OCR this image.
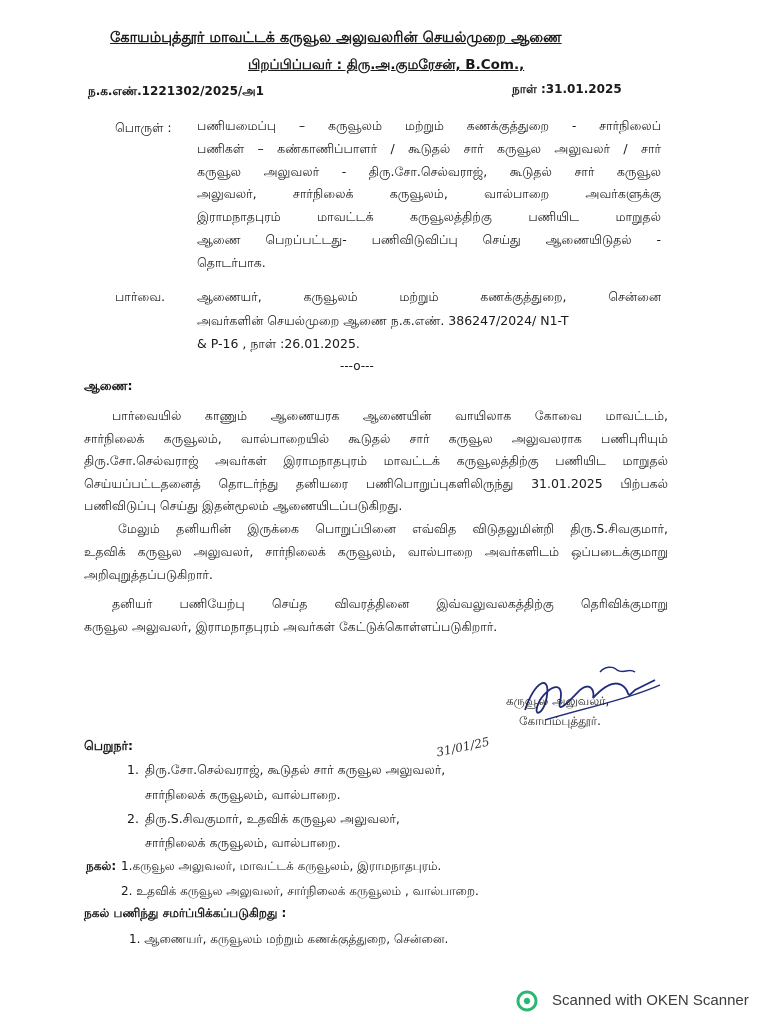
கோயம்புத்தூர் மாவட்டக் கருவூல அலுவலரின் செயல்முறை ஆணை
பிறப்பிப்பவர் : திரு.அ.குமரேசன், B.Com.,
ந.க.எண்.1221302/2025/அ1	நாள் :31.01.2025
பொருள் : பணியமைப்பு – கருவூலம் மற்றும் கணக்குத்துறை - சார்நிலைப்
பணிகள் – கண்காணிப்பாளர் / கூடுதல் சார் கருவூல அலுவலர் / சார்
கருவூல அலுவலர் - திரு.சோ.செல்வராஜ், கூடுதல் சார் கருவூல
அலுவலர், சார்நிலைக் கருவூலம், வால்பாறை அவர்களுக்கு
இராமநாதபுரம் மாவட்டக் கருவூலத்திற்கு பணியிட மாறுதல்
ஆணை பெறப்பட்டது- பணிவிடுவிப்பு செய்து ஆணையிடுதல் -
தொடர்பாக.
பார்வை.	ஆணையர், கருவூலம் மற்றும் கணக்குத்துறை, சென்னை
அவர்களின் செயல்முறை ஆணை ந.க.எண். 386247/2024/ N1-T
& P-16 , நாள் :26.01.2025.
---o---
ஆணை:
பார்வையில் காணும் ஆணையரக ஆணையின் வாயிலாக கோவை மாவட்டம்,
சார்நிலைக் கருவூலம், வால்பாறையில் கூடுதல் சார் கருவூல அலுவலராக பணிபுரியும்
திரு.சோ.செல்வராஜ் அவர்கள் இராமநாதபுரம் மாவட்டக் கருவூலத்திற்கு பணியிட மாறுதல்
செய்யப்பட்டதனைத் தொடர்ந்து தனியரை பணிபொறுப்புகளிலிருந்து 31.01.2025 பிற்பகல்
பணிவிடுப்பு செய்து இதன்மூலம் ஆணையிடப்படுகிறது.
மேலும் தனியரின் இருக்கை பொறுப்பினை எவ்வித விடுதலுமின்றி திரு.S.சிவகுமார்,
உதவிக் கருவூல அலுவலர், சார்நிலைக் கருவூலம், வால்பாறை அவர்களிடம் ஒப்படைக்குமாறு
அறிவுறுத்தப்படுகிறார்.
தனியர் பணியேற்பு செய்த விவரத்தினை இவ்வலுவலகத்திற்கு தெரிவிக்குமாறு
கருவூல அலுவலர், இராமநாதபுரம் அவர்கள் கேட்டுக்கொள்ளப்படுகிறார்.
கருவூல அலுவலர்,
கோயம்புத்தூர்.
பெறுநர்:	31/01/25
1. திரு.சோ.செல்வராஜ், கூடுதல் சார் கருவூல அலுவலர்,
சார்நிலைக் கருவூலம், வால்பாறை.
2. திரு.S.சிவகுமார், உதவிக் கருவூல அலுவலர்,
சார்நிலைக் கருவூலம், வால்பாறை.
நகல்: 1.கருவூல அலுவலர், மாவட்டக் கருவூலம், இராமநாதபுரம்.
2. உதவிக் கருவூல அலுவலர், சார்நிலைக் கருவூலம் , வால்பாறை.
நகல் பணிந்து சமர்ப்பிக்கப்படுகிறது :
1. ஆணையர், கருவூலம் மற்றும் கணக்குத்துறை, சென்னை.
Scanned with OKEN Scanner
